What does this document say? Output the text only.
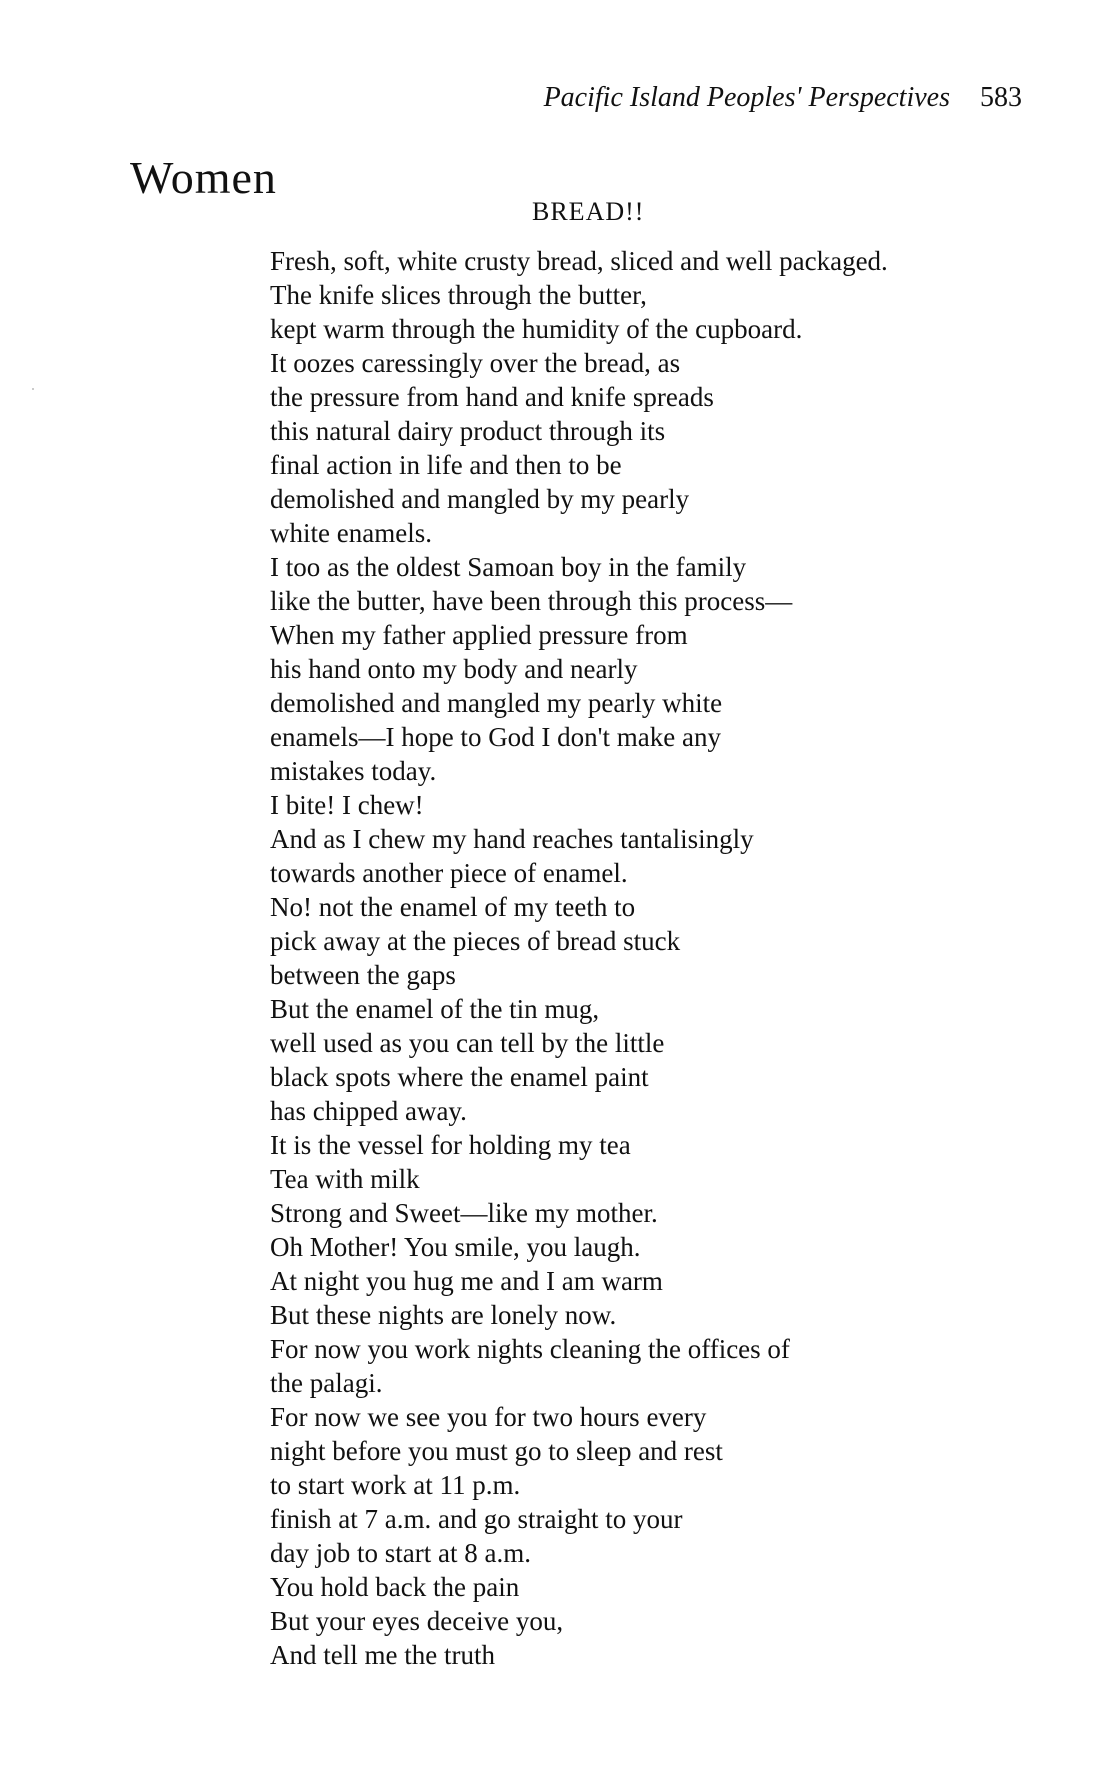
Pacific Island Peoples' Perspectives 583
Women
BREAD!!
Fresh, soft, white crusty bread, sliced and well packaged.
The knife slices through the butter,
kept warm through the humidity of the cupboard.
It oozes caressingly over the bread, as
the pressure from hand and knife spreads
this natural dairy product through its
final action in life and then to be
demolished and mangled by my pearly
white enamels.
I too as the oldest Samoan boy in the family
like the butter, have been through this process—
When my father applied pressure from
his hand onto my body and nearly
demolished and mangled my pearly white
enamels—I hope to God I don't make any
mistakes today.
I bite! I chew!
And as I chew my hand reaches tantalisingly
towards another piece of enamel.
No! not the enamel of my teeth to
pick away at the pieces of bread stuck
between the gaps
But the enamel of the tin mug,
well used as you can tell by the little
black spots where the enamel paint
has chipped away.
It is the vessel for holding my tea
Tea with milk
Strong and Sweet—like my mother.
Oh Mother! You smile, you laugh.
At night you hug me and I am warm
But these nights are lonely now.
For now you work nights cleaning the offices of
the palagi.
For now we see you for two hours every
night before you must go to sleep and rest
to start work at 11 p.m.
finish at 7 a.m. and go straight to your
day job to start at 8 a.m.
You hold back the pain
But your eyes deceive you,
And tell me the truth
